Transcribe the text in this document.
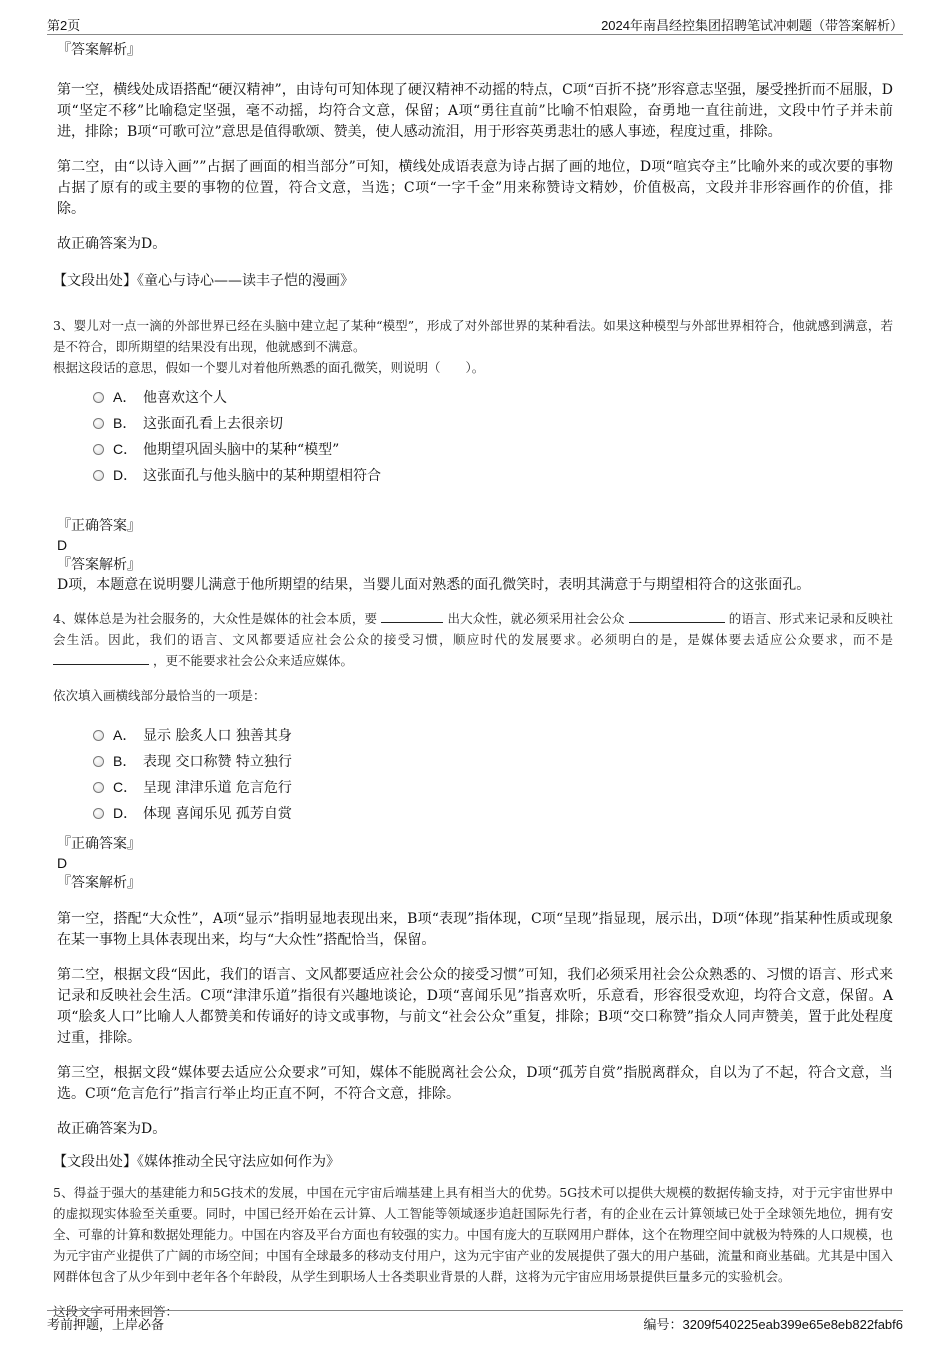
第2页	2024年南昌经控集团招聘笔试冲刺题（带答案解析）

『答案解析』

第一空，横线处成语搭配“硬汉精神”，由诗句可知体现了硬汉精神不动摇的特点，C项“百折不挠”形容意志坚强，屡受挫折而不屈服，D项“坚定不移”比喻稳定坚强，毫不动摇，均符合文意，保留；A项“勇往直前”比喻不怕艰险，奋勇地一直往前进，文段中竹子并未前进，排除；B项“可歌可泣”意思是值得歌颂、赞美，使人感动流泪，用于形容英勇悲壮的感人事迹，程度过重，排除。

第二空，由“以诗入画””占据了画面的相当部分”可知，横线处成语表意为诗占据了画的地位，D项“喧宾夺主”比喻外来的或次要的事物占据了原有的或主要的事物的位置，符合文意，当选；C项“一字千金”用来称赞诗文精妙，价值极高，文段并非形容画作的价值，排除。

故正确答案为D。

【文段出处】《童心与诗心——读丰子恺的漫画》

3、婴儿对一点一滴的外部世界已经在头脑中建立起了某种“模型”，形成了对外部世界的某种看法。如果这种模型与外部世界相符合，他就感到满意，若是不符合，即所期望的结果没有出现，他就感到不满意。

根据这段话的意思，假如一个婴儿对着他所熟悉的面孔微笑，则说明（　　）。

A． 他喜欢这个人
B． 这张面孔看上去很亲切
C． 他期望巩固头脑中的某种“模型”
D． 这张面孔与他头脑中的某种期望相符合

『正确答案』

D

『答案解析』

D项，本题意在说明婴儿满意于他所期望的结果，当婴儿面对熟悉的面孔微笑时，表明其满意于与期望相符合的这张面孔。

4、媒体总是为社会服务的，大众性是媒体的社会本质，要	出大众性，就必须采用社会公众	的语言、形式来记录和反映社会生活。因此，我们的语言、文风都要适应社会公众的接受习惯，顺应时代的发展要求。必须明白的是，是媒体要去适应公众要求，而不是  ，更不能要求社会公众来适应媒体。

依次填入画横线部分最恰当的一项是：

A． 显示 脍炙人口 独善其身
B． 表现 交口称赞 特立独行
C． 呈现 津津乐道 危言危行
D． 体现 喜闻乐见 孤芳自赏

『正确答案』

D

『答案解析』

第一空，搭配“大众性”，A项“显示”指明显地表现出来，B项“表现”指体现，C项“呈现”指显现，展示出，D项“体现”指某种性质或现象在某一事物上具体表现出来，均与“大众性”搭配恰当，保留。

第二空，根据文段“因此，我们的语言、文风都要适应社会公众的接受习惯”可知，我们必须采用社会公众熟悉的、习惯的语言、形式来记录和反映社会生活。C项“津津乐道”指很有兴趣地谈论，D项“喜闻乐见”指喜欢听，乐意看，形容很受欢迎，均符合文意，保留。A项“脍炙人口”比喻人人都赞美和传诵好的诗文或事物，与前文“社会公众”重复，排除；B项“交口称赞”指众人同声赞美，置于此处程度过重，排除。

第三空，根据文段“媒体要去适应公众要求”可知，媒体不能脱离社会公众，D项“孤芳自赏”指脱离群众，自以为了不起，符合文意，当选。C项“危言危行”指言行举止均正直不阿，不符合文意，排除。

故正确答案为D。

【文段出处】《媒体推动全民守法应如何作为》

5、得益于强大的基建能力和5G技术的发展，中国在元宇宙后端基建上具有相当大的优势。5G技术可以提供大规模的数据传输支持，对于元宇宙世界中的虚拟现实体验至关重要。同时，中国已经开始在云计算、人工智能等领域逐步追赶国际先行者，有的企业在云计算领域已处于全球领先地位，拥有安全、可靠的计算和数据处理能力。中国在内容及平台方面也有较强的实力。中国有庞大的互联网用户群体，这个在物理空间中就极为特殊的人口规模，也为元宇宙产业提供了广阔的市场空间；中国有全球最多的移动支付用户，这为元宇宙产业的发展提供了强大的用户基础，流量和商业基础。尤其是中国入网群体包含了从少年到中老年各个年龄段，从学生到职场人士各类职业背景的人群，这将为元宇宙应用场景提供巨量多元的实验机会。

这段文字可用来回答：

考前押题，上岸必备	编号：3209f540225eab399e65e8eb822fabf6
